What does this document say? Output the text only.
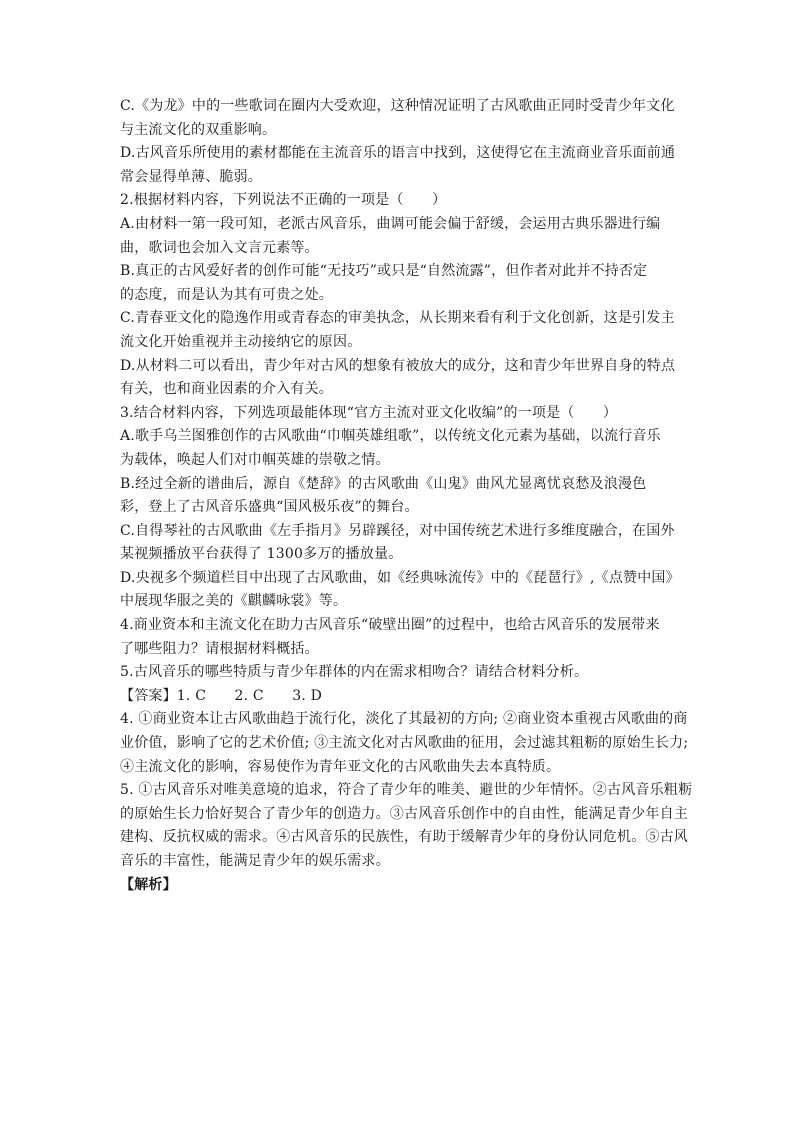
C.《为龙》中的一些歌词在圈内大受欢迎，这种情况证明了古风歌曲正同时受青少年文化
与主流文化的双重影响。
D.古风音乐所使用的素材都能在主流音乐的语言中找到，这使得它在主流商业音乐面前通
常会显得单薄、脆弱。
2.根据材料内容，下列说法不正确的一项是（　　）
A.由材料一第一段可知，老派古风音乐，曲调可能会偏于舒缓，会运用古典乐器进行编
曲，歌词也会加入文言元素等。
B.真正的古风爱好者的创作可能“无技巧”或只是“自然流露”，但作者对此并不持否定
的态度，而是认为其有可贵之处。
C.青春亚文化的隐逸作用或青春态的审美执念，从长期来看有利于文化创新，这是引发主
流文化开始重视并主动接纳它的原因。
D.从材料二可以看出，青少年对古风的想象有被放大的成分，这和青少年世界自身的特点
有关，也和商业因素的介入有关。
3.结合材料内容，下列选项最能体现“官方主流对亚文化收编”的一项是（　　）
A.歌手乌兰图雅创作的古风歌曲“巾帼英雄组歌”，以传统文化元素为基础，以流行音乐
为载体，唤起人们对巾帼英雄的崇敬之情。
B.经过全新的谱曲后，源自《楚辞》的古风歌曲《山鬼》曲风尤显离忧哀愁及浪漫色
彩，登上了古风音乐盛典“国风极乐夜”的舞台。
C.自得琴社的古风歌曲《左手指月》另辟蹊径，对中国传统艺术进行多维度融合，在国外
某视频播放平台获得了 1300多万的播放量。
D.央视多个频道栏目中出现了古风歌曲，如《经典咏流传》中的《琵琶行》,《点赞中国》
中展现华服之美的《麒麟咏裳》等。
4.商业资本和主流文化在助力古风音乐“破壁出圈”的过程中，也给古风音乐的发展带来
了哪些阻力？请根据材料概括。
5.古风音乐的哪些特质与青少年群体的内在需求相吻合？请结合材料分析。
【答案】1. C　　2. C　　3. D
4. ①商业资本让古风歌曲趋于流行化，淡化了其最初的方向; ②商业资本重视古风歌曲的商
业价值，影响了它的艺术价值; ③主流文化对古风歌曲的征用，会过滤其粗粝的原始生长力;
④主流文化的影响，容易使作为青年亚文化的古风歌曲失去本真特质。
5. ①古风音乐对唯美意境的追求，符合了青少年的唯美、避世的少年情怀。②古风音乐粗粝
的原始生长力恰好契合了青少年的创造力。③古风音乐创作中的自由性，能满足青少年自主
建构、反抗权威的需求。④古风音乐的民族性，有助于缓解青少年的身份认同危机。⑤古风
音乐的丰富性，能满足青少年的娱乐需求。
【解析】
